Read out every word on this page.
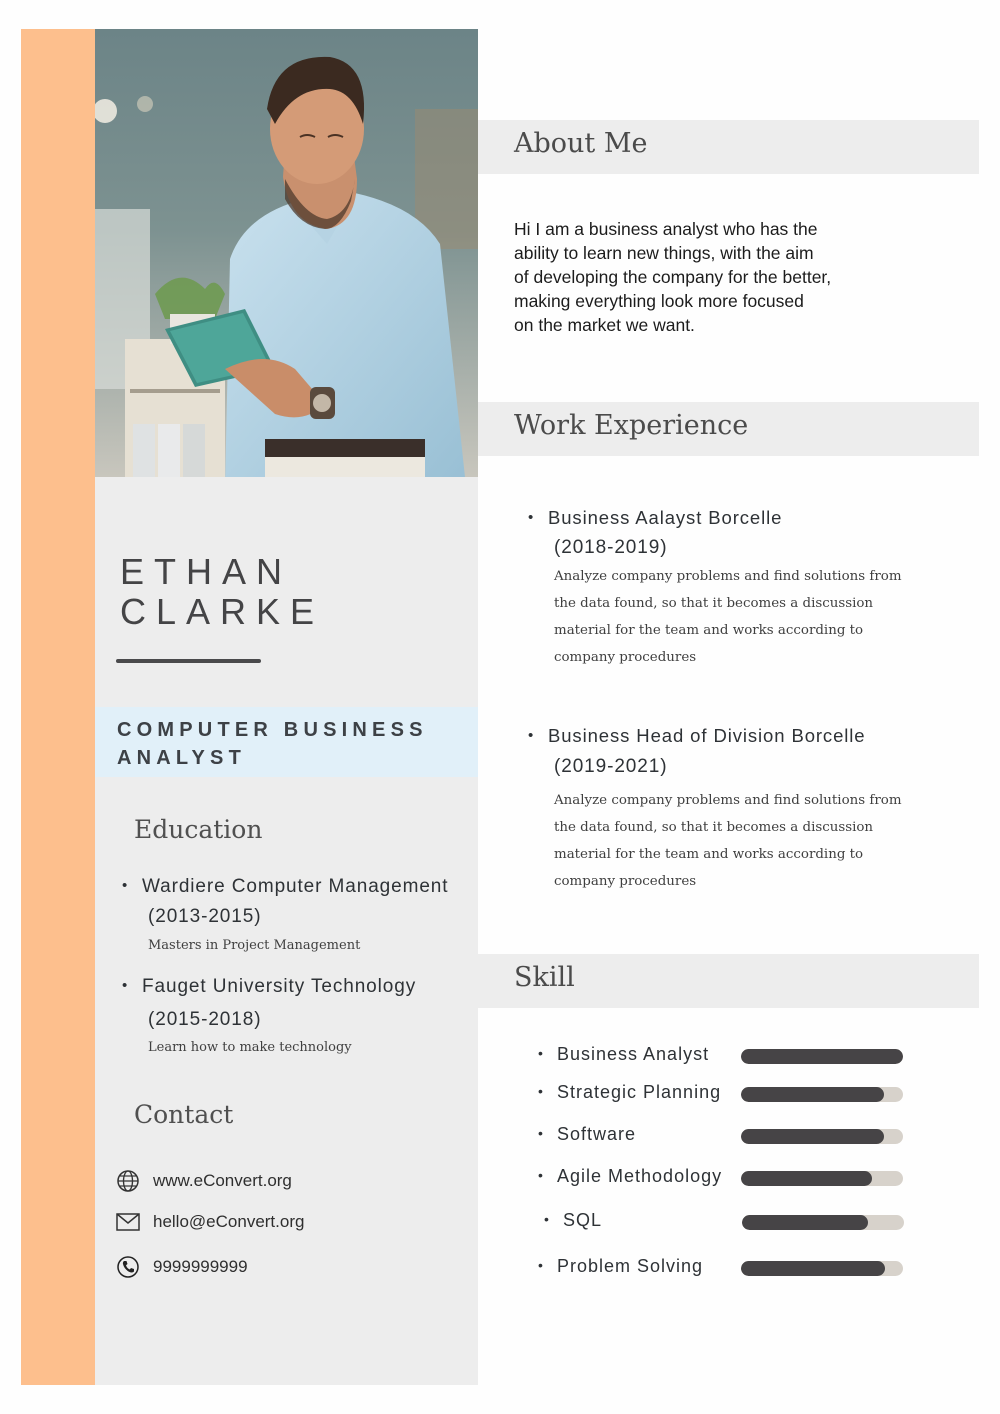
ETHAN
CLARKE
COMPUTER BUSINESS ANALYST
Education
• Wardiere Computer Management
(2013-2015)
Masters in Project Management
• Fauget University Technology
(2015-2018)
Learn how to make technology
Contact
www.eConvert.org
hello@eConvert.org
9999999999
About Me
Hi I am a business analyst who has the
ability to learn new things, with the aim
of developing the company for the better,
making everything look more focused
on the market we want.
Work Experience
• Business Aalayst Borcelle
(2018-2019)
Analyze company problems and find solutions from
the data found, so that it becomes a discussion
material for the team and works according to
company procedures
• Business Head of Division Borcelle
(2019-2021)
Analyze company problems and find solutions from
the data found, so that it becomes a discussion
material for the team and works according to
company procedures
Skill
• Business Analyst
• Strategic Planning
• Software
• Agile Methodology
• SQL
• Problem Solving
